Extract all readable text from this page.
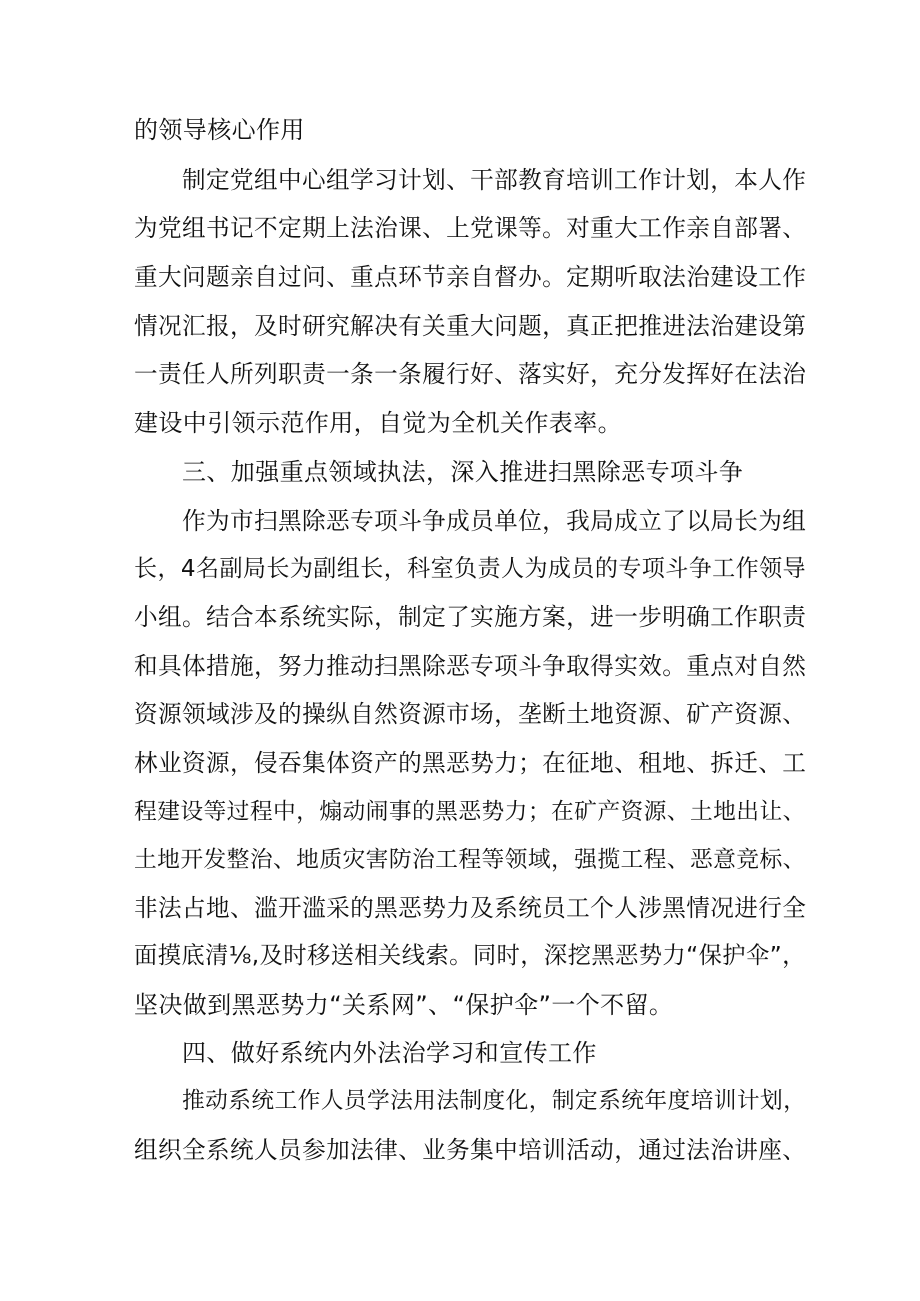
的领导核心作用
制定党组中心组学习计划、干部教育培训工作计划，本人作
为党组书记不定期上法治课、上党课等。对重大工作亲自部署、
重大问题亲自过问、重点环节亲自督办。定期听取法治建设工作
情况汇报，及时研究解决有关重大问题，真正把推进法治建设第
一责任人所列职责一条一条履行好、落实好，充分发挥好在法治
建设中引领示范作用，自觉为全机关作表率。
三、加强重点领域执法，深入推进扫黑除恶专项斗争
作为市扫黑除恶专项斗争成员单位，我局成立了以局长为组
长，4名副局长为副组长，科室负责人为成员的专项斗争工作领导
小组。结合本系统实际，制定了实施方案，进一步明确工作职责
和具体措施，努力推动扫黑除恶专项斗争取得实效。重点对自然
资源领域涉及的操纵自然资源市场，垄断土地资源、矿产资源、
林业资源，侵吞集体资产的黑恶势力；在征地、租地、拆迁、工
程建设等过程中，煽动闹事的黑恶势力；在矿产资源、土地出让、
土地开发整治、地质灾害防治工程等领域，强揽工程、恶意竞标、
非法占地、滥开滥采的黑恶势力及系统员工个人涉黑情况进行全
面摸底清⅛,及时移送相关线索。同时，深挖黑恶势力“保护伞”，
坚决做到黑恶势力“关系网”、“保护伞”一个不留。
四、做好系统内外法治学习和宣传工作
推动系统工作人员学法用法制度化，制定系统年度培训计划，
组织全系统人员参加法律、业务集中培训活动，通过法治讲座、
